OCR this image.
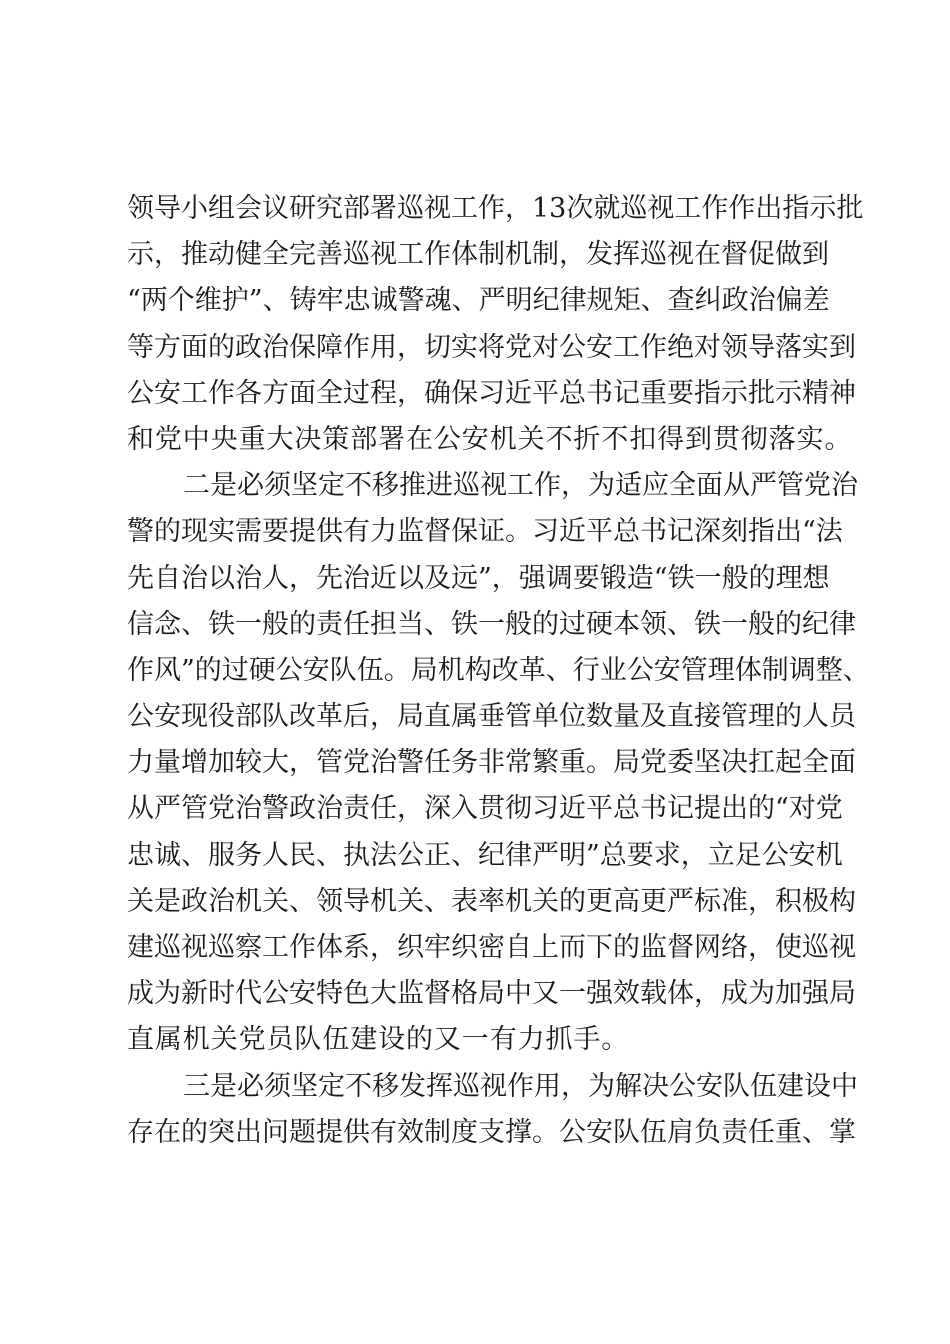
领导小组会议研究部署巡视工作，13次就巡视工作作出指示批
示，推动健全完善巡视工作体制机制，发挥巡视在督促做到
“两个维护”、铸牢忠诚警魂、严明纪律规矩、查纠政治偏差
等方面的政治保障作用，切实将党对公安工作绝对领导落实到
公安工作各方面全过程，确保习近平总书记重要指示批示精神
和党中央重大决策部署在公安机关不折不扣得到贯彻落实。
二是必须坚定不移推进巡视工作，为适应全面从严管党治
警的现实需要提供有力监督保证。习近平总书记深刻指出“法
先自治以治人，先治近以及远”，强调要锻造“铁一般的理想
信念、铁一般的责任担当、铁一般的过硬本领、铁一般的纪律
作风”的过硬公安队伍。局机构改革、行业公安管理体制调整、
公安现役部队改革后，局直属垂管单位数量及直接管理的人员
力量增加较大，管党治警任务非常繁重。局党委坚决扛起全面
从严管党治警政治责任，深入贯彻习近平总书记提出的“对党
忠诚、服务人民、执法公正、纪律严明”总要求，立足公安机
关是政治机关、领导机关、表率机关的更高更严标准，积极构
建巡视巡察工作体系，织牢织密自上而下的监督网络，使巡视
成为新时代公安特色大监督格局中又一强效载体，成为加强局
直属机关党员队伍建设的又一有力抓手。
三是必须坚定不移发挥巡视作用，为解决公安队伍建设中
存在的突出问题提供有效制度支撑。公安队伍肩负责任重、掌
